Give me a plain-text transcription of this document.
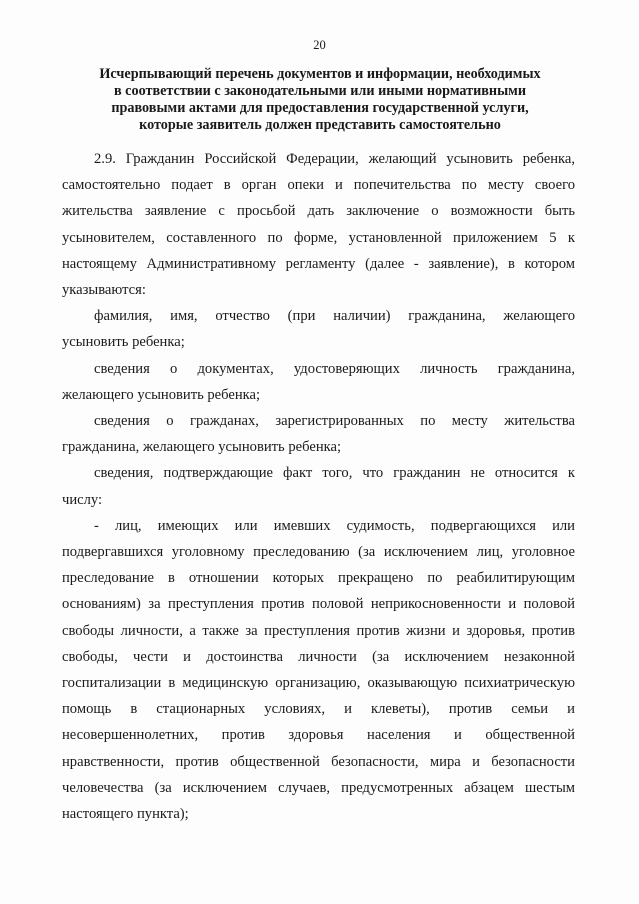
20
Исчерпывающий перечень документов и информации, необходимых
в соответствии с законодательными или иными нормативными
правовыми актами для предоставления государственной услуги,
которые заявитель должен представить самостоятельно
2.9. Гражданин Российской Федерации, желающий усыновить ребенка,
самостоятельно подает в орган опеки и попечительства по месту своего
жительства заявление с просьбой дать заключение о возможности быть
усыновителем, составленного по форме, установленной приложением 5 к
настоящему Административному регламенту (далее - заявление), в котором
указываются:
фамилия, имя, отчество (при наличии) гражданина, желающего
усыновить ребенка;
сведения о документах, удостоверяющих личность гражданина,
желающего усыновить ребенка;
сведения о гражданах, зарегистрированных по месту жительства
гражданина, желающего усыновить ребенка;
сведения, подтверждающие факт того, что гражданин не относится к
числу:
- лиц, имеющих или имевших судимость, подвергающихся или
подвергавшихся уголовному преследованию (за исключением лиц, уголовное
преследование в отношении которых прекращено по реабилитирующим
основаниям) за преступления против половой неприкосновенности и половой
свободы личности, а также за преступления против жизни и здоровья, против
свободы, чести и достоинства личности (за исключением незаконной
госпитализации в медицинскую организацию, оказывающую психиатрическую
помощь в стационарных условиях, и клеветы), против семьи и
несовершеннолетних, против здоровья населения и общественной
нравственности, против общественной безопасности, мира и безопасности
человечества (за исключением случаев, предусмотренных абзацем шестым
настоящего пункта);
